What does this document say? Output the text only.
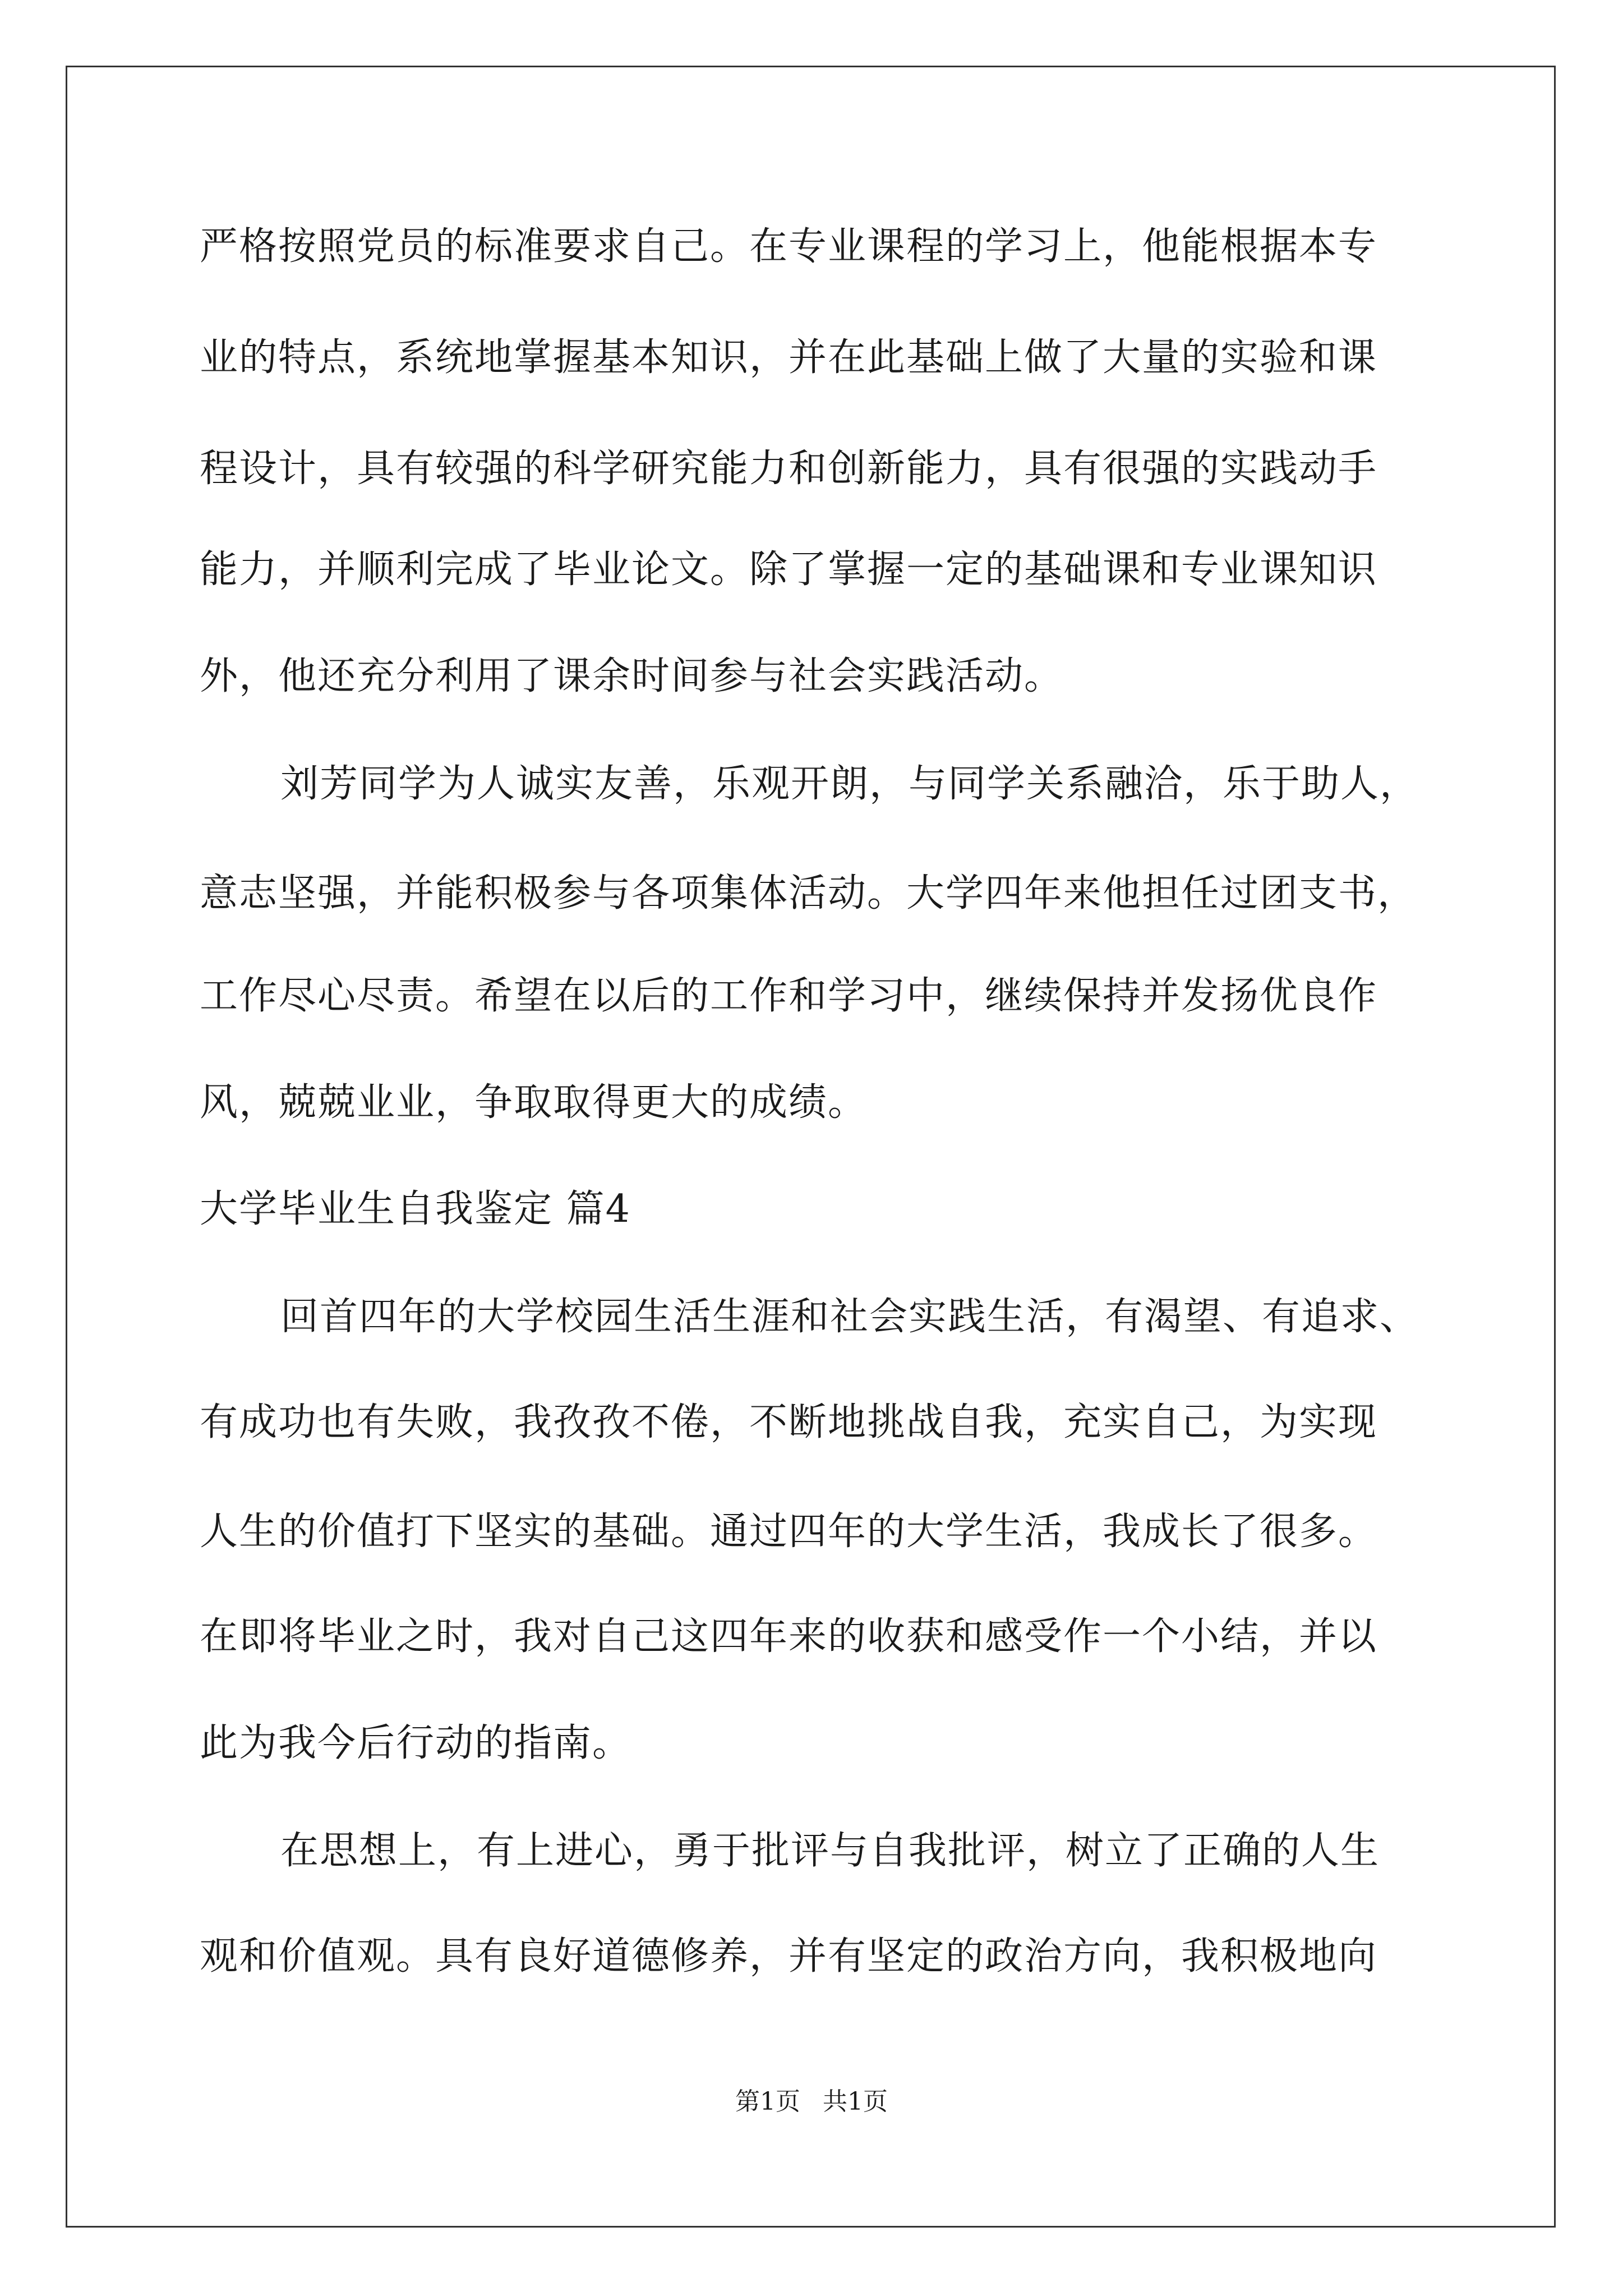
严格按照党员的标准要求自己。在专业课程的学习上，他能根据本专
业的特点，系统地掌握基本知识，并在此基础上做了大量的实验和课
程设计，具有较强的科学研究能力和创新能力，具有很强的实践动手
能力，并顺利完成了毕业论文。除了掌握一定的基础课和专业课知识
外，他还充分利用了课余时间参与社会实践活动。
刘芳同学为人诚实友善，乐观开朗，与同学关系融洽，乐于助人，
意志坚强，并能积极参与各项集体活动。大学四年来他担任过团支书，
工作尽心尽责。希望在以后的工作和学习中，继续保持并发扬优良作
风，兢兢业业，争取取得更大的成绩。
大学毕业生自我鉴定 篇4
回首四年的大学校园生活生涯和社会实践生活，有渴望、有追求、
有成功也有失败，我孜孜不倦，不断地挑战自我，充实自己，为实现
人生的价值打下坚实的基础。通过四年的大学生活，我成长了很多。
在即将毕业之时，我对自己这四年来的收获和感受作一个小结，并以
此为我今后行动的指南。
在思想上，有上进心，勇于批评与自我批评，树立了正确的人生
观和价值观。具有良好道德修养，并有坚定的政治方向，我积极地向
第1页 共1页
